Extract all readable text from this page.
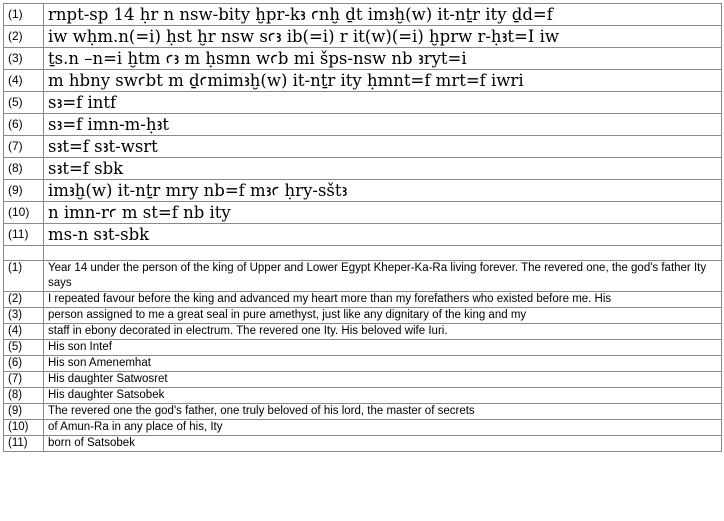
(1)	rnpt-sp 14 ḥr n nsw-bity ḫpr-kꜣ ꜥnḫ ḏt imꜣḫ(w) it-nṯr ity ḏd=f
(2)	iw wḥm.n(=i) ḥst ḫr nsw sꜥꜣ ib(=i) r it(w)(=i) ḫprw r-ḥꜣt=I iw
(3)	ṯs.n –n=i ḫtm ꜥꜣ m ḥsmn wꜥb mi šps-nsw nb ꜣryt=i
(4)	m hbny swꜥbt m ḏꜥmimꜣḫ(w) it-nṯr ity ḥmnt=f mrt=f iwri
(5)	sꜣ=f intf
(6)	sꜣ=f imn-m-ḥꜣt
(7)	sꜣt=f sꜣt-wsrt
(8)	sꜣt=f sbk
(9)	imꜣḫ(w) it-nṯr mry nb=f mꜣꜥ ḥry-sštꜣ
(10)	n imn-rꜥ m st=f nb ity
(11)	ms-n sꜣt-sbk

(1)	Year 14 under the person of the king of Upper and Lower Egypt Kheper-Ka-Ra living forever. The revered one, the god's father Ity says
(2)	I repeated favour before the king and advanced my heart more than my forefathers who existed before me. His
(3)	person assigned to me a great seal in pure amethyst, just like any dignitary of the king and my
(4)	staff in ebony decorated in electrum. The revered one Ity. His beloved wife Iuri.
(5)	His son Intef
(6)	His son Amenemhat
(7)	His daughter Satwosret
(8)	His daughter Satsobek
(9)	The revered one the god's father, one truly beloved of his lord, the master of secrets
(10)	of Amun-Ra in any place of his, Ity
(11)	born of Satsobek
